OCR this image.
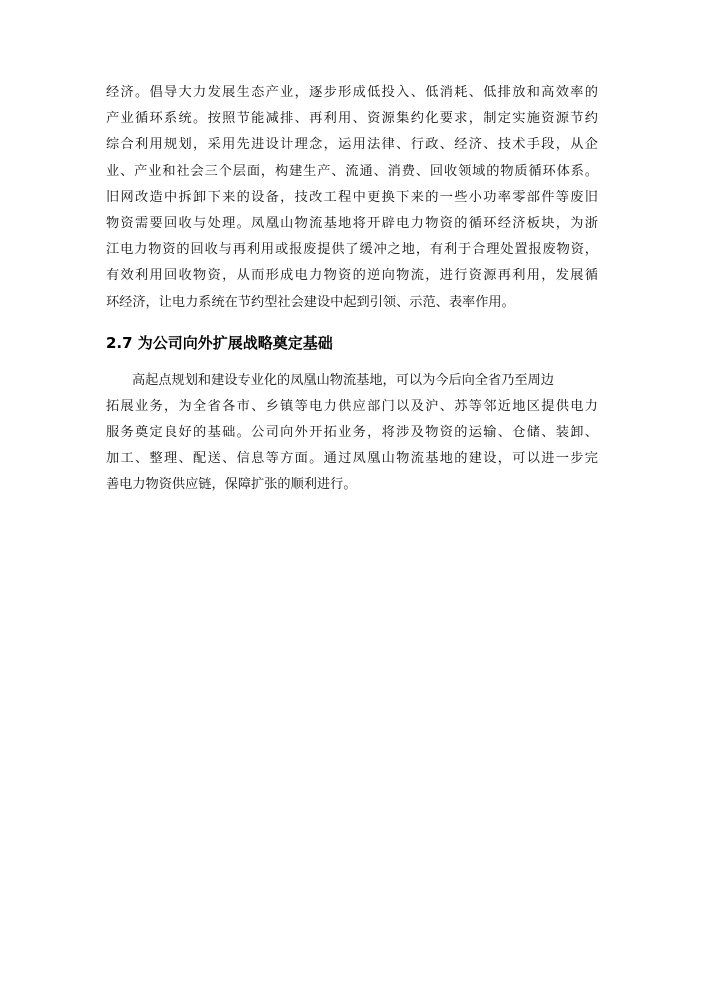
经济。倡导大力发展生态产业，逐步形成低投入、低消耗、低排放和高效率的
产业循环系统。按照节能减排、再利用、资源集约化要求，制定实施资源节约
综合利用规划，采用先进设计理念，运用法律、行政、经济、技术手段，从企
业、产业和社会三个层面，构建生产、流通、消费、回收领域的物质循环体系。
旧网改造中拆卸下来的设备，技改工程中更换下来的一些小功率零部件等废旧
物资需要回收与处理。凤凰山物流基地将开辟电力物资的循环经济板块，为浙
江电力物资的回收与再利用或报废提供了缓冲之地，有利于合理处置报废物资，
有效利用回收物资，从而形成电力物资的逆向物流，进行资源再利用，发展循
环经济，让电力系统在节约型社会建设中起到引领、示范、表率作用。
2.7 为公司向外扩展战略奠定基础
高起点规划和建设专业化的凤凰山物流基地，可以为今后向全省乃至周边
拓展业务，为全省各市、乡镇等电力供应部门以及沪、苏等邻近地区提供电力
服务奠定良好的基础。公司向外开拓业务，将涉及物资的运输、仓储、装卸、
加工、整理、配送、信息等方面。通过凤凰山物流基地的建设，可以进一步完
善电力物资供应链，保障扩张的顺利进行。
